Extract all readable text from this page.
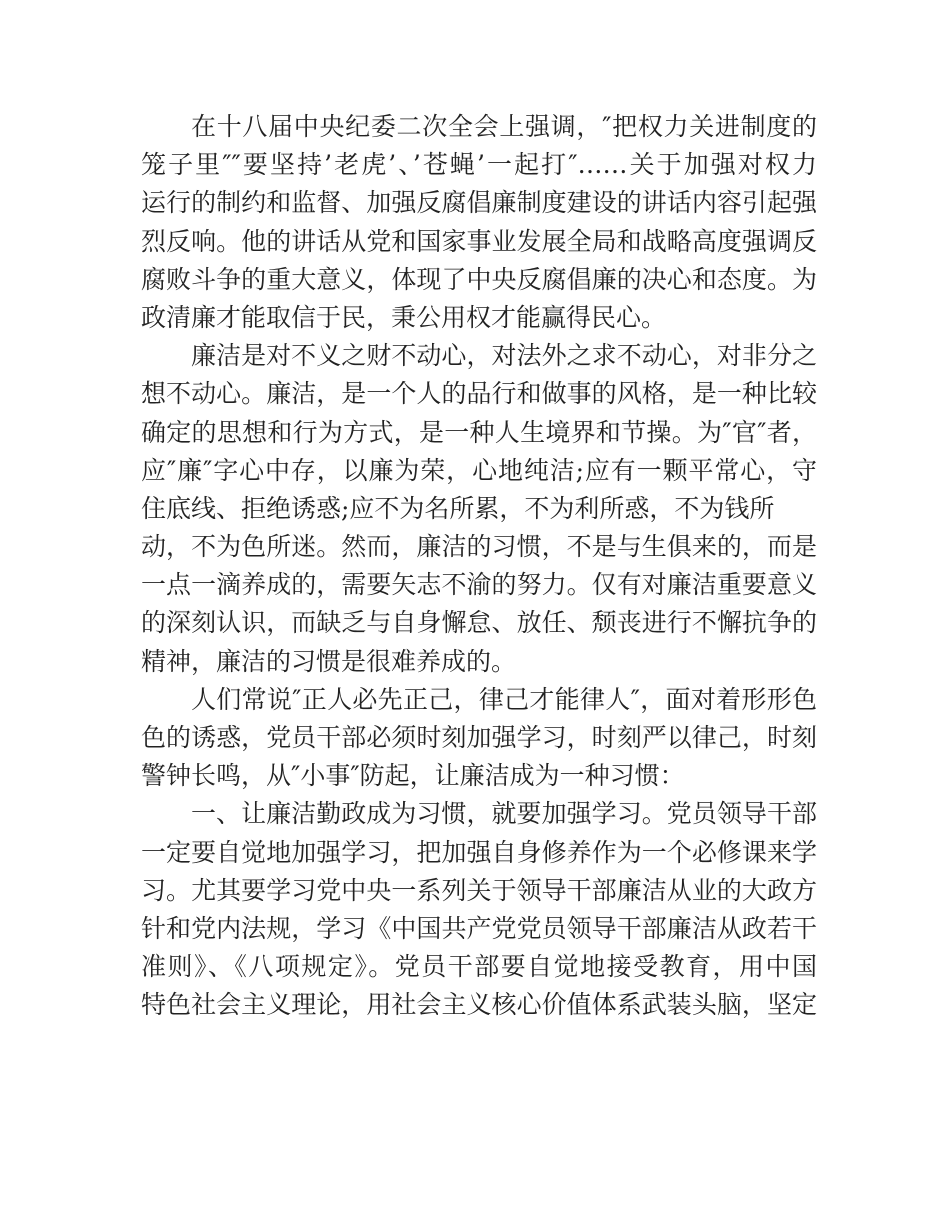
在十八届中央纪委二次全会上强调，″把权力关进制度的

笼子里″″要坚持’老虎’、’苍蝇’一起打″……关于加强对权力

运行的制约和监督、加强反腐倡廉制度建设的讲话内容引起强

烈反响。他的讲话从党和国家事业发展全局和战略高度强调反

腐败斗争的重大意义，体现了中央反腐倡廉的决心和态度。为

政清廉才能取信于民，秉公用权才能赢得民心。

廉洁是对不义之财不动心，对法外之求不动心，对非分之

想不动心。廉洁，是一个人的品行和做事的风格，是一种比较

确定的思想和行为方式，是一种人生境界和节操。为″官″者，

应″廉″字心中存，以廉为荣，心地纯洁;应有一颗平常心，守

住底线、拒绝诱惑;应不为名所累，不为利所惑，不为钱所

动，不为色所迷。然而，廉洁的习惯，不是与生俱来的，而是

一点一滴养成的，需要矢志不渝的努力。仅有对廉洁重要意义

的深刻认识，而缺乏与自身懈怠、放任、颓丧进行不懈抗争的

精神，廉洁的习惯是很难养成的。

人们常说″正人必先正己，律己才能律人″，面对着形形色

色的诱惑，党员干部必须时刻加强学习，时刻严以律己，时刻

警钟长鸣，从″小事″防起，让廉洁成为一种习惯：

一、让廉洁勤政成为习惯，就要加强学习。党员领导干部

一定要自觉地加强学习，把加强自身修养作为一个必修课来学

习。尤其要学习党中央一系列关于领导干部廉洁从业的大政方

针和党内法规，学习《中国共产党党员领导干部廉洁从政若干

准则》、《八项规定》。党员干部要自觉地接受教育，用中国

特色社会主义理论，用社会主义核心价值体系武装头脑，坚定
